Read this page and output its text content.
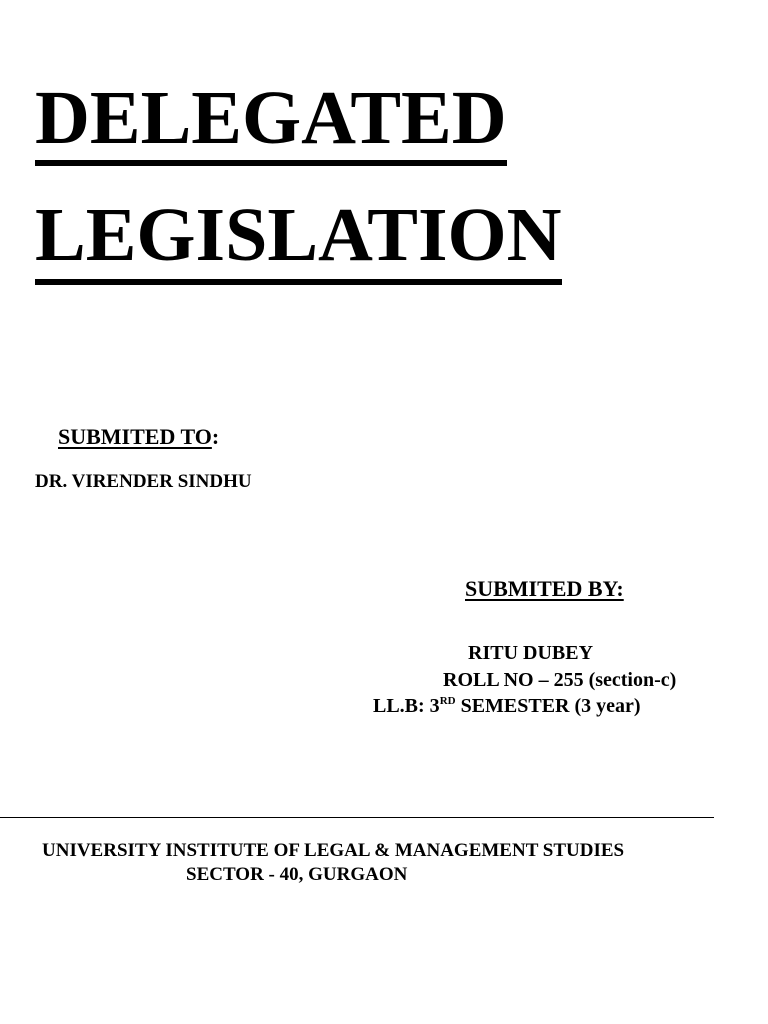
DELEGATED
LEGISLATION
SUBMITED TO:
DR. VIRENDER SINDHU
SUBMITED BY:
RITU DUBEY
ROLL NO – 255 (section-c)
LL.B: 3RD SEMESTER (3 year)
UNIVERSITY INSTITUTE OF LEGAL & MANAGEMENT STUDIES
SECTOR - 40, GURGAON
